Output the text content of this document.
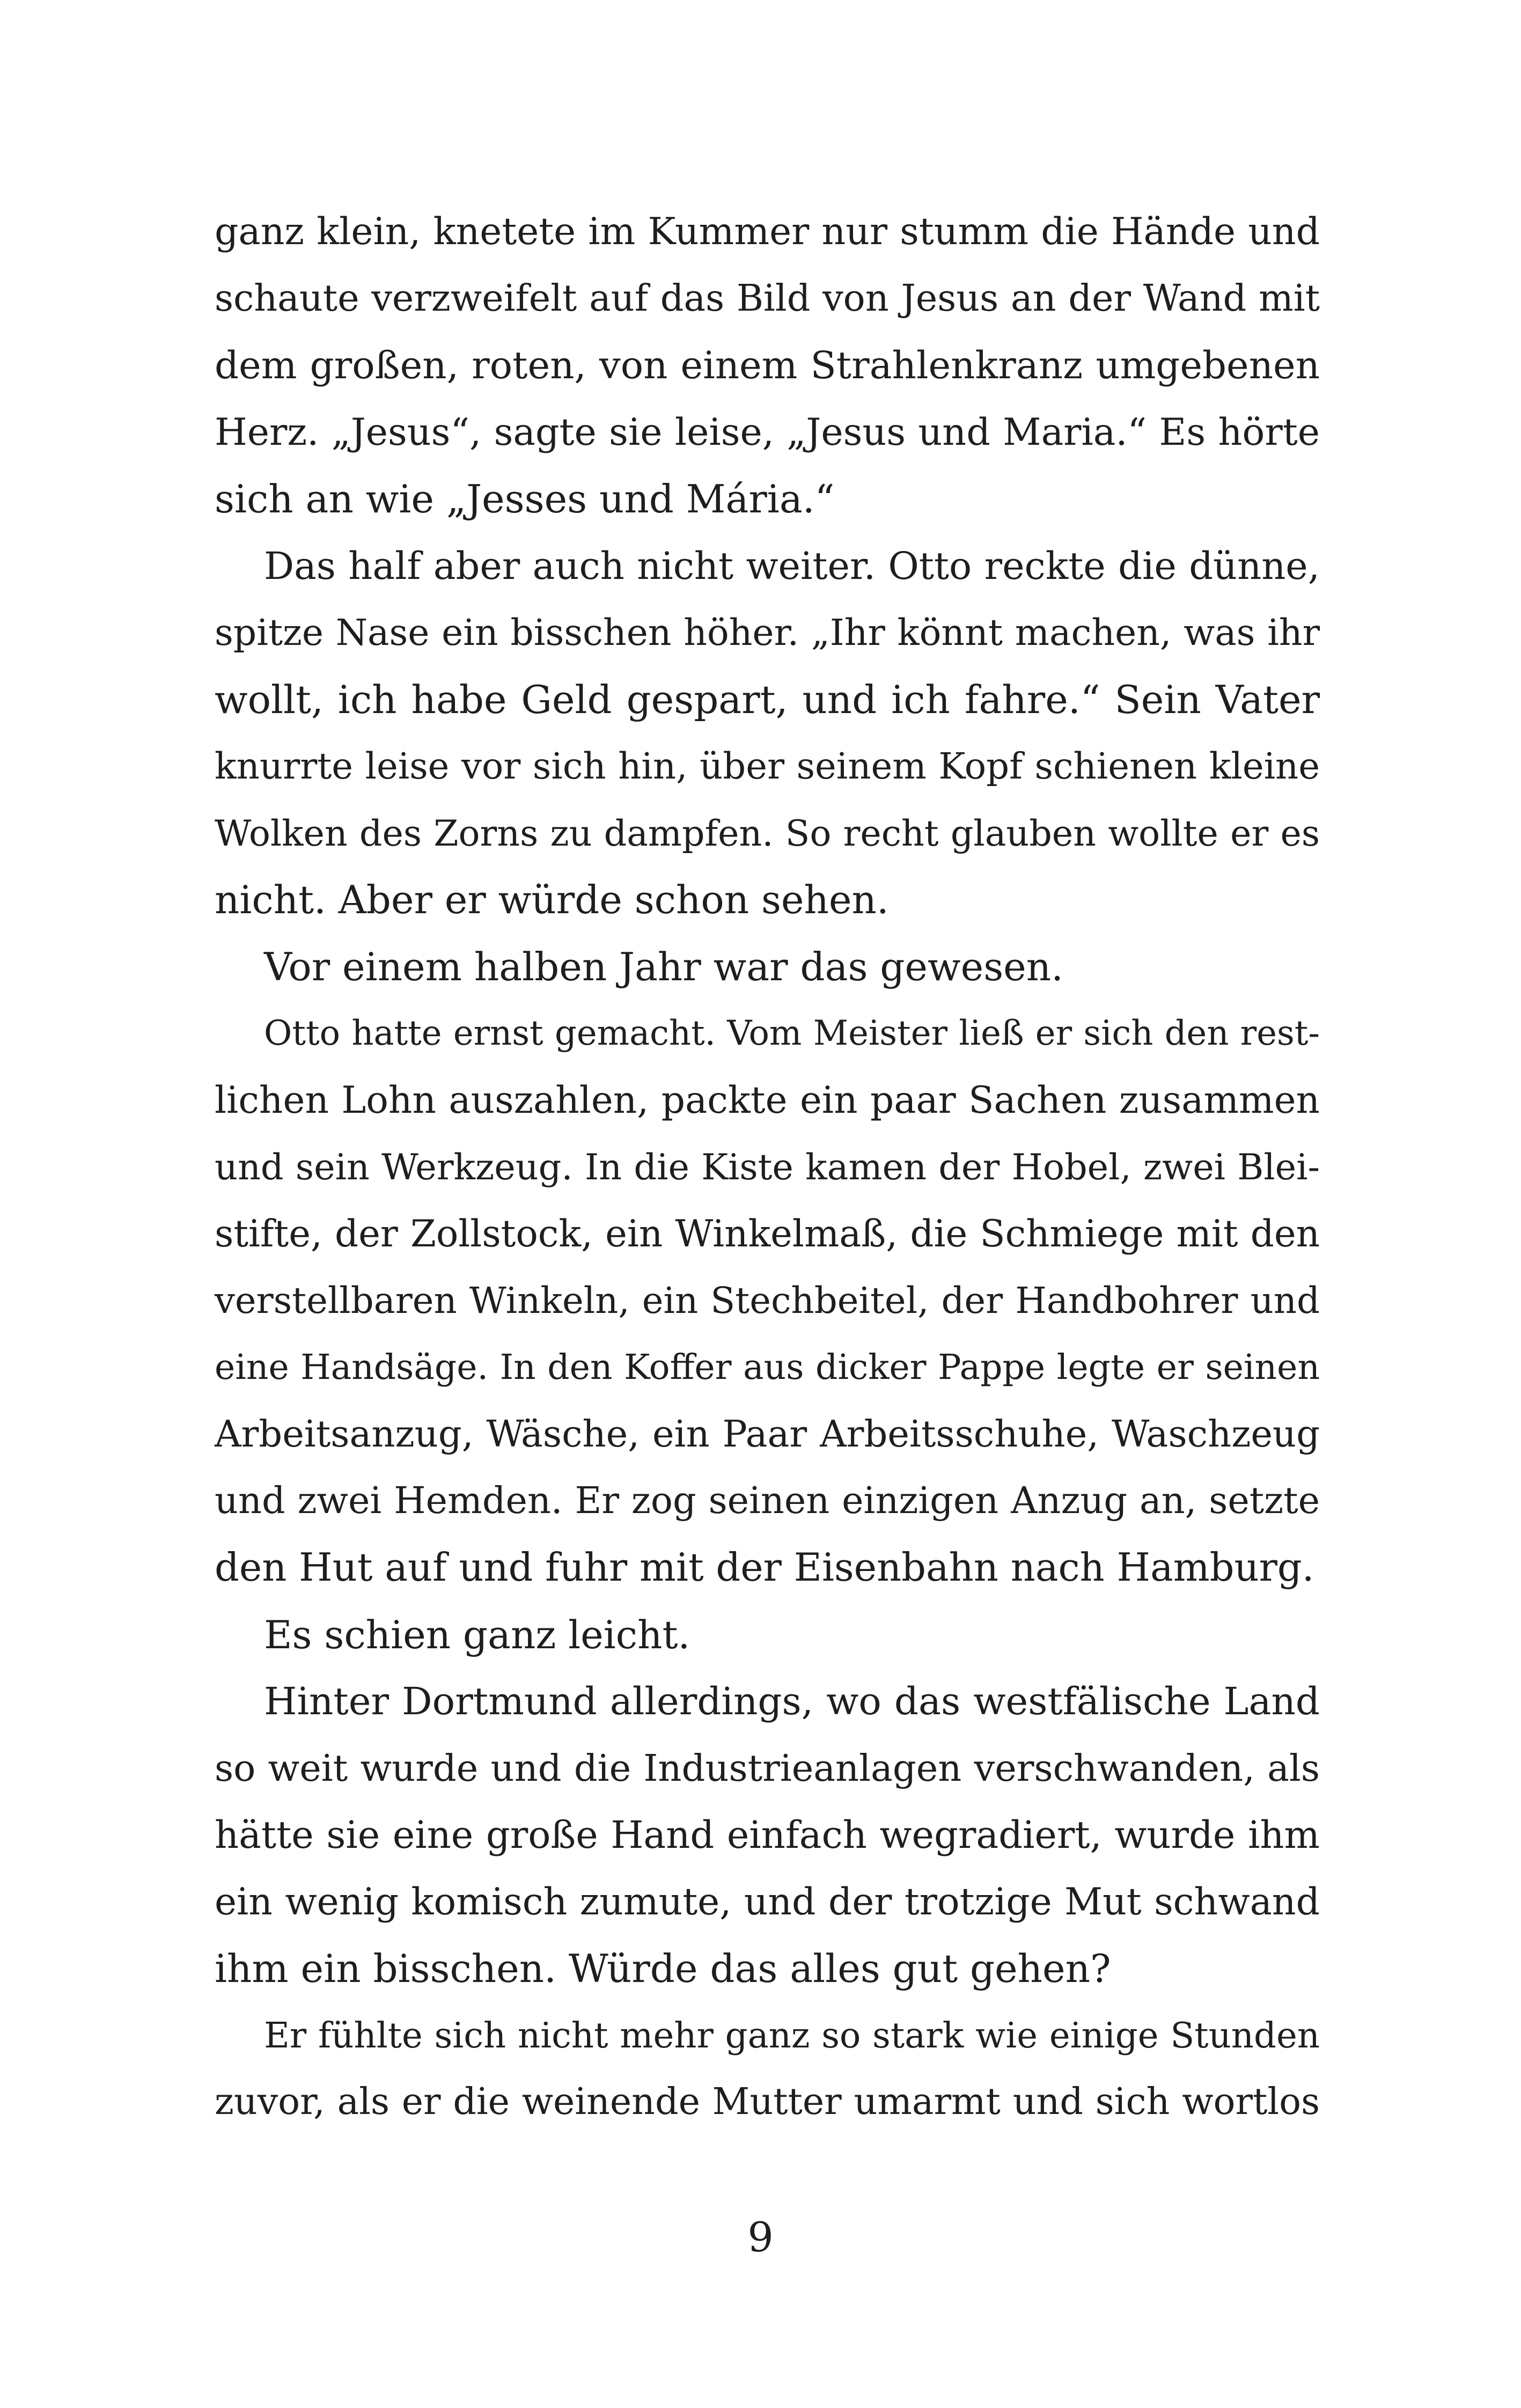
ganz klein, knetete im Kummer nur stumm die Hände und
schaute verzweifelt auf das Bild von Jesus an der Wand mit
dem großen, roten, von einem Strahlenkranz umgebenen
Herz. „Jesus“, sagte sie leise, „Jesus und Maria.“ Es hörte
sich an wie „Jesses und Mária.“
Das half aber auch nicht weiter. Otto reckte die dünne,
spitze Nase ein bisschen höher. „Ihr könnt machen, was ihr
wollt, ich habe Geld gespart, und ich fahre.“ Sein Vater
knurrte leise vor sich hin, über seinem Kopf schienen kleine
Wolken des Zorns zu dampfen. So recht glauben wollte er es
nicht. Aber er würde schon sehen.
Vor einem halben Jahr war das gewesen.
Otto hatte ernst gemacht. Vom Meister ließ er sich den rest-
lichen Lohn auszahlen, packte ein paar Sachen zusammen
und sein Werkzeug. In die Kiste kamen der Hobel, zwei Blei-
stifte, der Zollstock, ein Winkelmaß, die Schmiege mit den
verstellbaren Winkeln, ein Stechbeitel, der Handbohrer und
eine Handsäge. In den Koffer aus dicker Pappe legte er seinen
Arbeitsanzug, Wäsche, ein Paar Arbeitsschuhe, Waschzeug
und zwei Hemden. Er zog seinen einzigen Anzug an, setzte
den Hut auf und fuhr mit der Eisenbahn nach Hamburg.
Es schien ganz leicht.
Hinter Dortmund allerdings, wo das westfälische Land
so weit wurde und die Industrieanlagen verschwanden, als
hätte sie eine große Hand einfach wegradiert, wurde ihm
ein wenig komisch zumute, und der trotzige Mut schwand
ihm ein bisschen. Würde das alles gut gehen?
Er fühlte sich nicht mehr ganz so stark wie einige Stunden
zuvor, als er die weinende Mutter umarmt und sich wortlos
9
